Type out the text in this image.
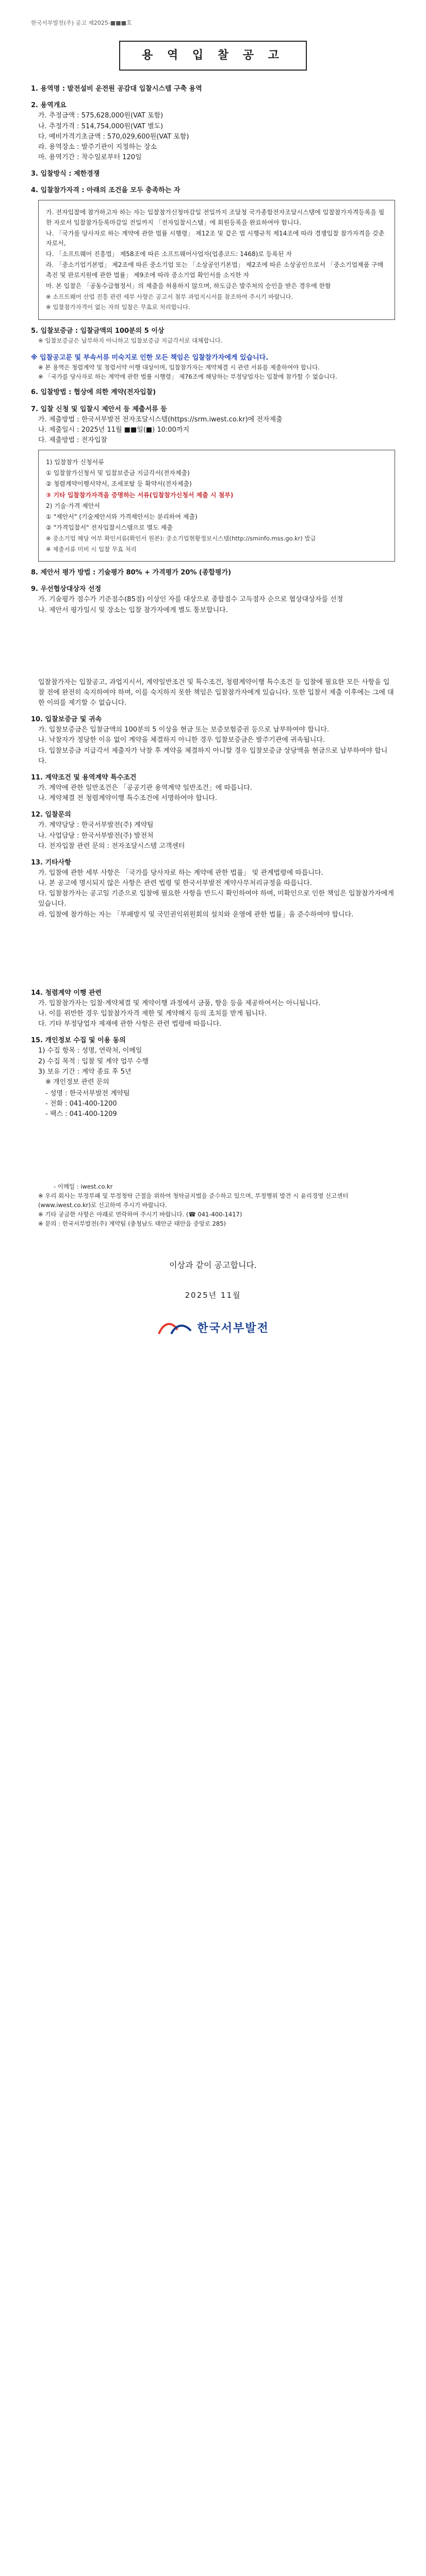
한국서부발전(주) 공고 제2025-■■■호
용 역 입 찰 공 고
1. 용역명 : 발전설비 운전원 공감대 입찰시스템 구축 용역
2. 용역개요
가. 추정금액 : 575,628,000원(VAT 포함)
나. 추정가격 : 514,754,000원(VAT 별도)
다. 예비가격기초금액 : 570,029,600원(VAT 포함)
라. 용역장소 : 발주기관이 지정하는 장소
마. 용역기간 : 착수일로부터 120일
3. 입찰방식 : 제한경쟁
4. 입찰참가자격 : 아래의 조건을 모두 충족하는 자

가. 전자입찰에 참가하고자 하는 자는 입찰참가신청마감일 전일까지 조달청 국가종합전자조달시스템에 입찰참가자격등록을 필한 자로서 입찰참가등록마감일 전일까지 「전자입찰시스템」에 회원등록을 완료하여야 합니다.

나. 「국가를 당사자로 하는 계약에 관한 법률 시행령」 제12조 및 같은 법 시행규칙 제14조에 따라 경쟁입찰 참가자격을 갖춘 자로서,

다. 「소프트웨어 진흥법」 제58조에 따른 소프트웨어사업자(업종코드: 1468)로 등록된 자

라. 「중소기업기본법」 제2조에 따른 중소기업 또는 「소상공인기본법」 제2조에 따른 소상공인으로서 「중소기업제품 구매촉진 및 판로지원에 관한 법률」 제9조에 따라 중소기업 확인서를 소지한 자

마. 본 입찰은 「공동수급협정서」의 제출을 허용하지 않으며, 하도급은 발주처의 승인을 받은 경우에 한함

※ 소프트웨어 산업 진흥 관련 세부 사항은 공고서 첨부 과업지시서를 참조하여 주시기 바랍니다.

※ 입찰참가자격이 없는 자의 입찰은 무효로 처리합니다.

5. 입찰보증금 : 입찰금액의 100분의 5 이상
※ 입찰보증금은 납부하지 아니하고 입찰보증금 지급각서로 대체합니다.
※ 입찰공고문 및 부속서류 미숙지로 인한 모든 책임은 입찰참가자에게 있습니다.
※ 본 용역은 청렴계약 및 청렴서약 이행 대상이며, 입찰참가자는 계약체결 시 관련 서류를 제출하여야 합니다.
※ 「국가를 당사자로 하는 계약에 관한 법률 시행령」 제76조에 해당하는 부정당업자는 입찰에 참가할 수 없습니다.
6. 입찰방법 : 협상에 의한 계약(전자입찰)
7. 입찰 신청 및 입찰시 제안서 등 제출서류 등
가. 제출방법 : 한국서부발전 전자조달시스템(https://srm.iwest.co.kr)에 전자제출
나. 제출일시 : 2025년 11월 ■■일(■) 10:00까지
다. 제출방법 : 전자입찰

1) 입찰참가 신청서류

① 입찰참가신청서 및 입찰보증금 지급각서(전자제출)

② 청렴계약이행서약서, 조세포탈 등 확약서(전자제출)

③ 기타 입찰참가자격을 증명하는 서류(입찰참가신청서 제출 시 첨부)

2) 기술·가격 제안서

① "제안서" (기술제안서와 가격제안서는 분리하여 제출)

② "가격입찰서" 전자입찰시스템으로 별도 제출

※ 중소기업 해당 여부 확인서류(확인서 원본): 중소기업현황정보시스템(http://sminfo.mss.go.kr) 발급

※ 제출서류 미비 시 입찰 무효 처리

8. 제안서 평가 방법 : 기술평가 80% + 가격평가 20% (종합평가)
9. 우선협상대상자 선정
가. 기술평가 점수가 기준점수(85점) 이상인 자를 대상으로 종합점수 고득점자 순으로 협상대상자를 선정
나. 제안서 평가일시 및 장소는 입찰 참가자에게 별도 통보합니다.
입찰참가자는 입찰공고, 과업지시서, 계약일반조건 및 특수조건, 청렴계약이행 특수조건 등 입찰에 필요한 모든 사항을 입찰 전에 완전히 숙지하여야 하며, 이를 숙지하지 못한 책임은 입찰참가자에게 있습니다. 또한 입찰서 제출 이후에는 그에 대한 이의를 제기할 수 없습니다.
10. 입찰보증금 및 귀속
가. 입찰보증금은 입찰금액의 100분의 5 이상을 현금 또는 보증보험증권 등으로 납부하여야 합니다.
나. 낙찰자가 정당한 이유 없이 계약을 체결하지 아니한 경우 입찰보증금은 발주기관에 귀속됩니다.
다. 입찰보증금 지급각서 제출자가 낙찰 후 계약을 체결하지 아니할 경우 입찰보증금 상당액을 현금으로 납부하여야 합니다.
11. 계약조건 및 용역계약 특수조건
가. 계약에 관한 일반조건은 「공공기관 용역계약 일반조건」에 따릅니다.
나. 계약체결 전 청렴계약이행 특수조건에 서명하여야 합니다.
12. 입찰문의
가. 계약담당 : 한국서부발전(주) 계약팀
나. 사업담당 : 한국서부발전(주) 발전처
다. 전자입찰 관련 문의 : 전자조달시스템 고객센터
13. 기타사항
가. 입찰에 관한 세부 사항은 「국가를 당사자로 하는 계약에 관한 법률」 및 관계법령에 따릅니다.
나. 본 공고에 명시되지 않은 사항은 관련 법령 및 한국서부발전 계약사무처리규정을 따릅니다.
다. 입찰참가자는 공고일 기준으로 입찰에 필요한 사항을 반드시 확인하여야 하며, 미확인으로 인한 책임은 입찰참가자에게 있습니다.
라. 입찰에 참가하는 자는 「부패방지 및 국민권익위원회의 설치와 운영에 관한 법률」을 준수하여야 합니다.
14. 청렴계약 이행 관련
가. 입찰참가자는 입찰·계약체결 및 계약이행 과정에서 금품, 향응 등을 제공하여서는 아니됩니다.
나. 이를 위반한 경우 입찰참가자격 제한 및 계약해지 등의 조치를 받게 됩니다.
다. 기타 부정당업자 제재에 관한 사항은 관련 법령에 따릅니다.
15. 개인정보 수집 및 이용 동의
1) 수집 항목 : 성명, 연락처, 이메일
2) 수집 목적 : 입찰 및 계약 업무 수행
3) 보유 기간 : 계약 종료 후 5년
※ 개인정보 관련 문의
- 성명 : 한국서부발전 계약팀
- 전화 : 041-400-1200
- 팩스 : 041-400-1209
- 이메일 : iwest.co.kr
※ 우리 회사는 부정부패 및 부정청탁 근절을 위하여 청탁금지법을 준수하고 있으며, 부정행위 발견 시 윤리경영 신고센터(www.iwest.co.kr)로 신고하여 주시기 바랍니다.
※ 기타 궁금한 사항은 아래로 연락하여 주시기 바랍니다. (☎ 041-400-1417)
※ 문의 : 한국서부발전(주) 계약팀 (충청남도 태안군 태안읍 중앙로 285)
이상과 같이 공고합니다.
2025년 11월
한국서부발전
